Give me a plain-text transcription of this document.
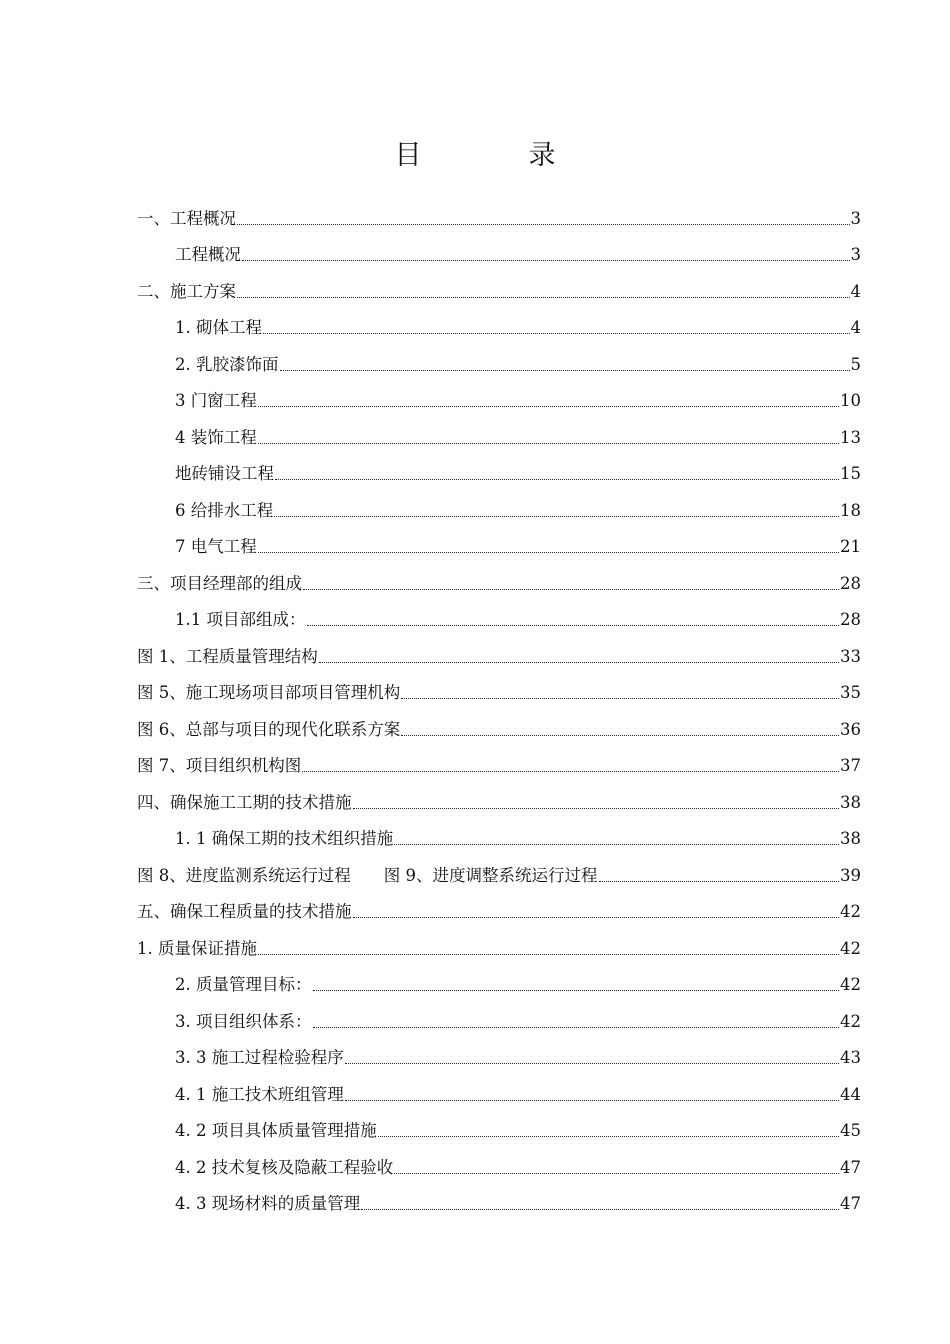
目　录
一、工程概况	3
工程概况	3
二、施工方案	4
1. 砌体工程	4
2. 乳胶漆饰面	5
3 门窗工程	10
4 装饰工程	13
地砖铺设工程	15
6 给排水工程	18
7 电气工程	21
三、项目经理部的组成	28
1.1 项目部组成：	28
图 1、工程质量管理结构	33
图 5、施工现场项目部项目管理机构	35
图 6、总部与项目的现代化联系方案	36
图 7、项目组织机构图	37
四、确保施工工期的技术措施	38
1. 1 确保工期的技术组织措施	38
图 8、进度监测系统运行过程　　图 9、进度调整系统运行过程	39
五、确保工程质量的技术措施	42
1. 质量保证措施	42
2. 质量管理目标：	42
3. 项目组织体系：	42
3. 3 施工过程检验程序	43
4. 1 施工技术班组管理	44
4. 2 项目具体质量管理措施	45
4. 2 技术复核及隐蔽工程验收	47
4. 3 现场材料的质量管理	47
